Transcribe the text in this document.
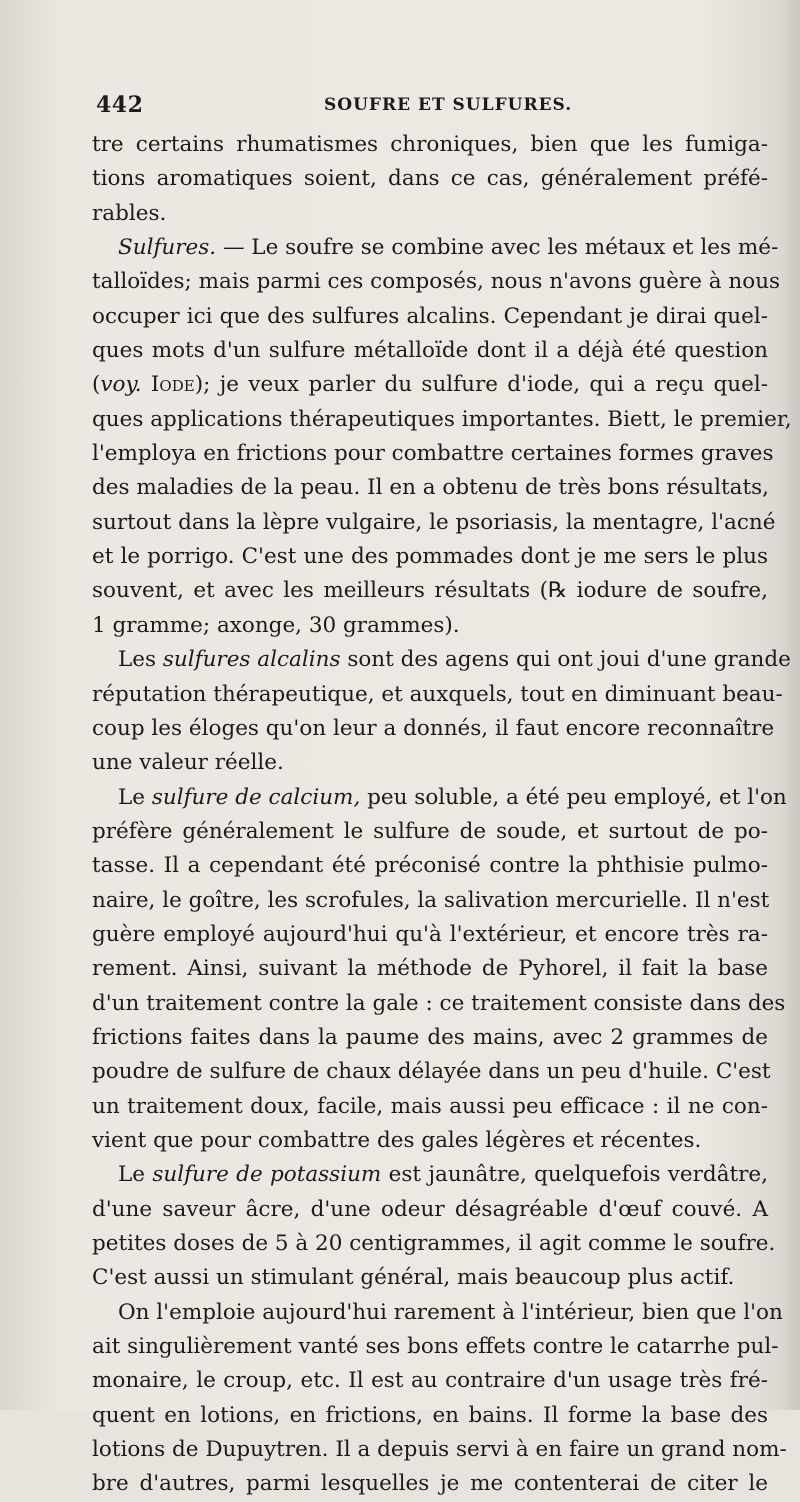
442	SOUFRE ET SULFURES.
tre certains rhumatismes chroniques, bien que les fumiga-
tions aromatiques soient, dans ce cas, généralement préfé-
rables.
Sulfures. — Le soufre se combine avec les métaux et les mé-
talloïdes; mais parmi ces composés, nous n'avons guère à nous
occuper ici que des sulfures alcalins. Cependant je dirai quel-
ques mots d'un sulfure métalloïde dont il a déjà été question
(voy. Iode); je veux parler du sulfure d'iode, qui a reçu quel-
ques applications thérapeutiques importantes. Biett, le premier,
l'employa en frictions pour combattre certaines formes graves
des maladies de la peau. Il en a obtenu de très bons résultats,
surtout dans la lèpre vulgaire, le psoriasis, la mentagre, l'acné
et le porrigo. C'est une des pommades dont je me sers le plus
souvent, et avec les meilleurs résultats (℞ iodure de soufre,
1 gramme; axonge, 30 grammes).
Les sulfures alcalins sont des agens qui ont joui d'une grande
réputation thérapeutique, et auxquels, tout en diminuant beau-
coup les éloges qu'on leur a donnés, il faut encore reconnaître
une valeur réelle.
Le sulfure de calcium, peu soluble, a été peu employé, et l'on
préfère généralement le sulfure de soude, et surtout de po-
tasse. Il a cependant été préconisé contre la phthisie pulmo-
naire, le goître, les scrofules, la salivation mercurielle. Il n'est
guère employé aujourd'hui qu'à l'extérieur, et encore très ra-
rement. Ainsi, suivant la méthode de Pyhorel, il fait la base
d'un traitement contre la gale : ce traitement consiste dans des
frictions faites dans la paume des mains, avec 2 grammes de
poudre de sulfure de chaux délayée dans un peu d'huile. C'est
un traitement doux, facile, mais aussi peu efficace : il ne con-
vient que pour combattre des gales légères et récentes.
Le sulfure de potassium est jaunâtre, quelquefois verdâtre,
d'une saveur âcre, d'une odeur désagréable d'œuf couvé. A
petites doses de 5 à 20 centigrammes, il agit comme le soufre.
C'est aussi un stimulant général, mais beaucoup plus actif.
On l'emploie aujourd'hui rarement à l'intérieur, bien que l'on
ait singulièrement vanté ses bons effets contre le catarrhe pul-
monaire, le croup, etc. Il est au contraire d'un usage très fré-
quent en lotions, en frictions, en bains. Il forme la base des
lotions de Dupuytren. Il a depuis servi à en faire un grand nom-
bre d'autres, parmi lesquelles je me contenterai de citer le
